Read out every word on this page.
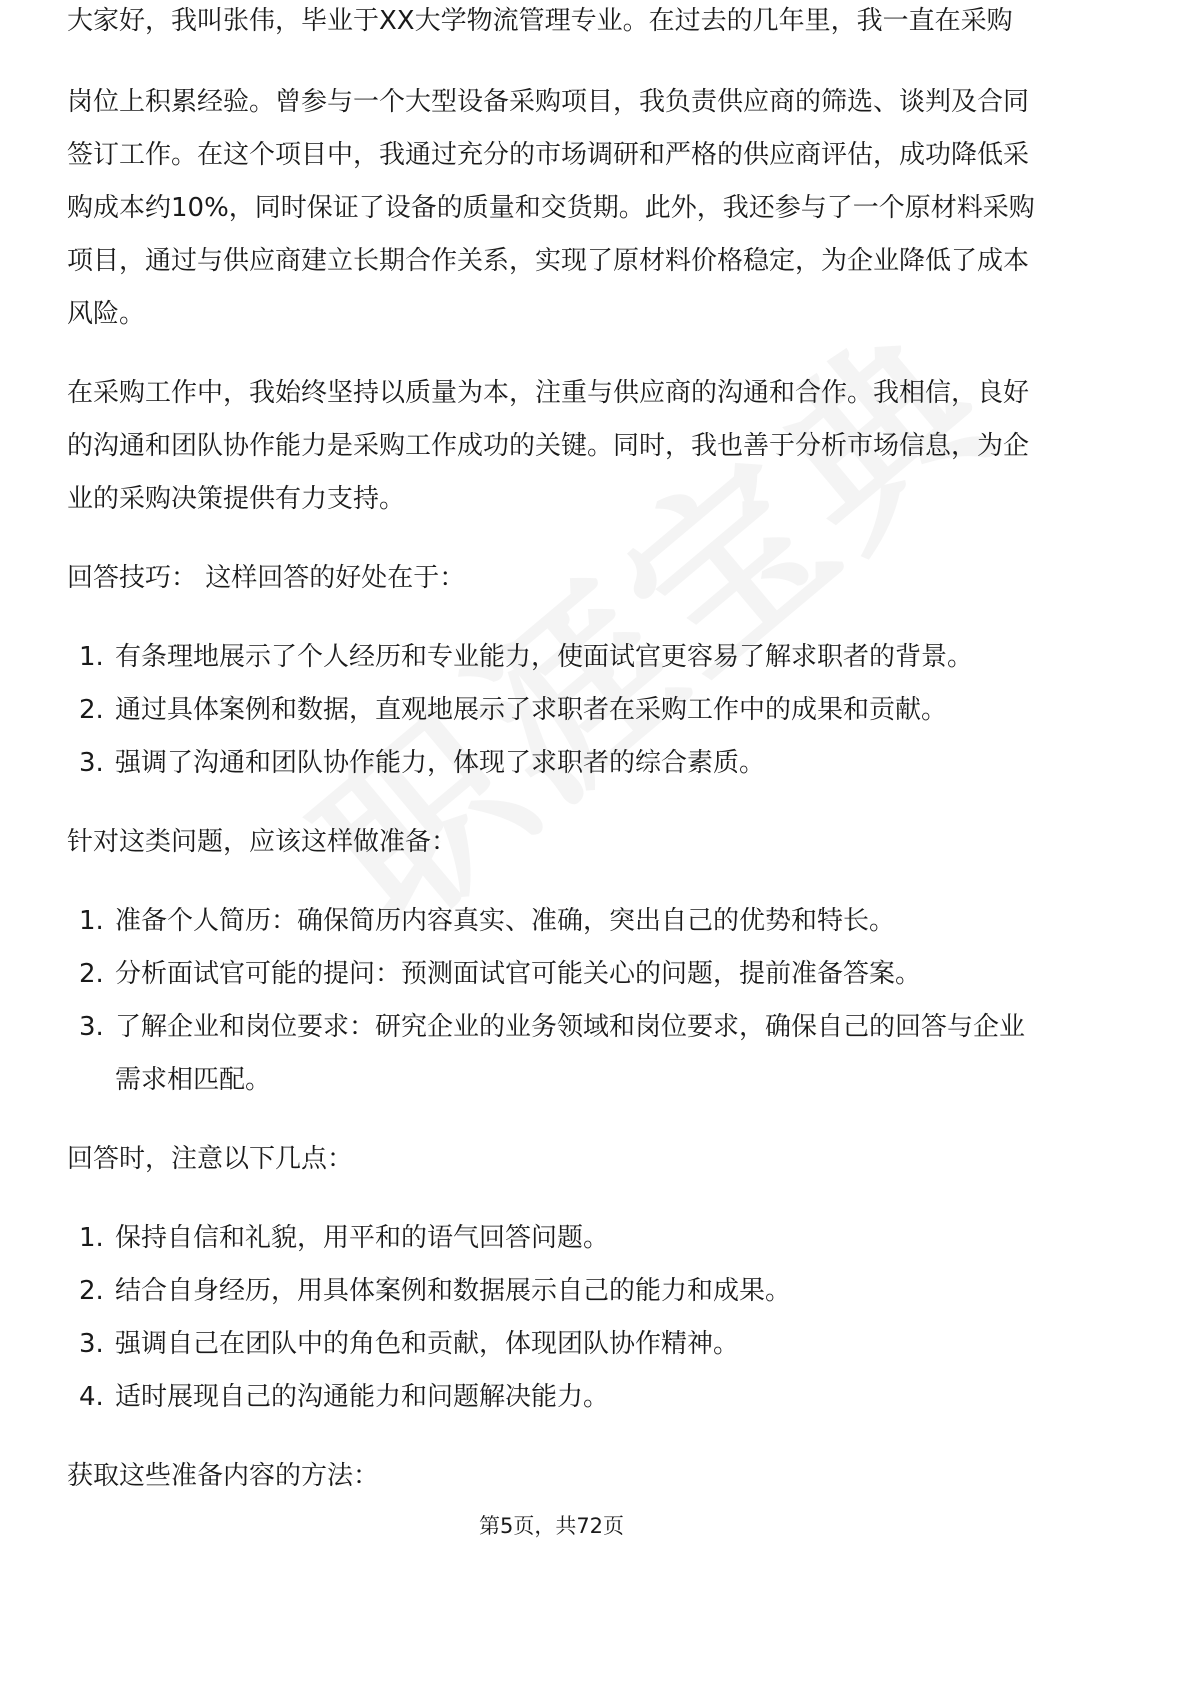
大家好，我叫张伟，毕业于XX大学物流管理专业。在过去的几年里，我一直在采购

岗位上积累经验。曾参与一个大型设备采购项目，我负责供应商的筛选、谈判及合同签订工作。在这个项目中，我通过充分的市场调研和严格的供应商评估，成功降低采购成本约10%，同时保证了设备的质量和交货期。此外，我还参与了一个原材料采购项目，通过与供应商建立长期合作关系，实现了原材料价格稳定，为企业降低了成本风险。

在采购工作中，我始终坚持以质量为本，注重与供应商的沟通和合作。我相信，良好的沟通和团队协作能力是采购工作成功的关键。同时，我也善于分析市场信息，为企业的采购决策提供有力支持。

回答技巧： 这样回答的好处在于：

1. 有条理地展示了个人经历和专业能力，使面试官更容易了解求职者的背景。
2. 通过具体案例和数据，直观地展示了求职者在采购工作中的成果和贡献。
3. 强调了沟通和团队协作能力，体现了求职者的综合素质。

针对这类问题，应该这样做准备：

1. 准备个人简历：确保简历内容真实、准确，突出自己的优势和特长。
2. 分析面试官可能的提问：预测面试官可能关心的问题，提前准备答案。
3. 了解企业和岗位要求：研究企业的业务领域和岗位要求，确保自己的回答与企业需求相匹配。

回答时，注意以下几点：

1. 保持自信和礼貌，用平和的语气回答问题。
2. 结合自身经历，用具体案例和数据展示自己的能力和成果。
3. 强调自己在团队中的角色和贡献，体现团队协作精神。
4. 适时展现自己的沟通能力和问题解决能力。

获取这些准备内容的方法：

第5页，共72页
